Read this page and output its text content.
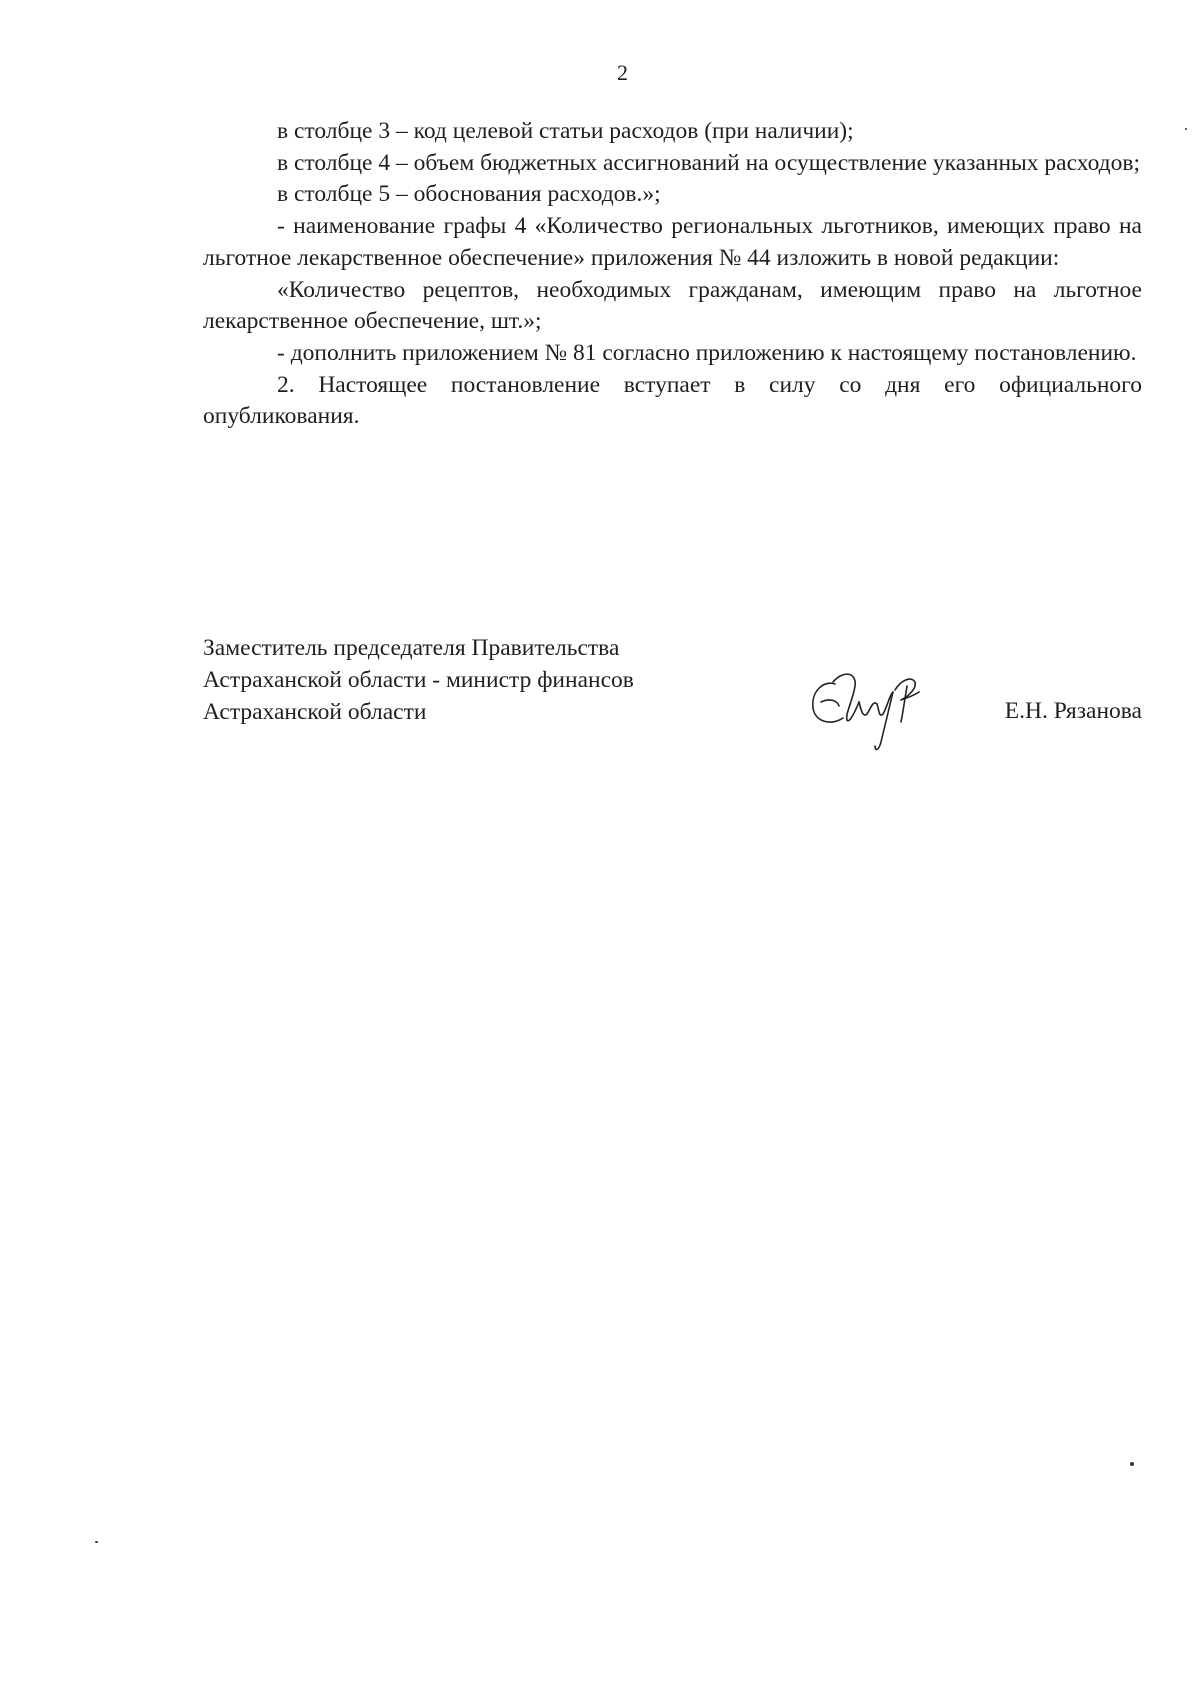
2

в столбце 3 – код целевой статьи расходов (при наличии);

в столбце 4 – объем бюджетных ассигнований на осуществление указанных расходов;

в столбце 5 – обоснования расходов.»;

- наименование графы 4 «Количество региональных льготников, имеющих право на льготное лекарственное обеспечение» приложения № 44 изложить в новой редакции:

«Количество рецептов, необходимых гражданам, имеющим право на льготное лекарственное обеспечение, шт.»;

- дополнить приложением № 81 согласно приложению к настоящему постановлению.

2. Настоящее постановление вступает в силу со дня его официального опубликования.

Заместитель председателя Правительства
Астраханской области - министр финансов
Астраханской области	Е.Н. Рязанова
